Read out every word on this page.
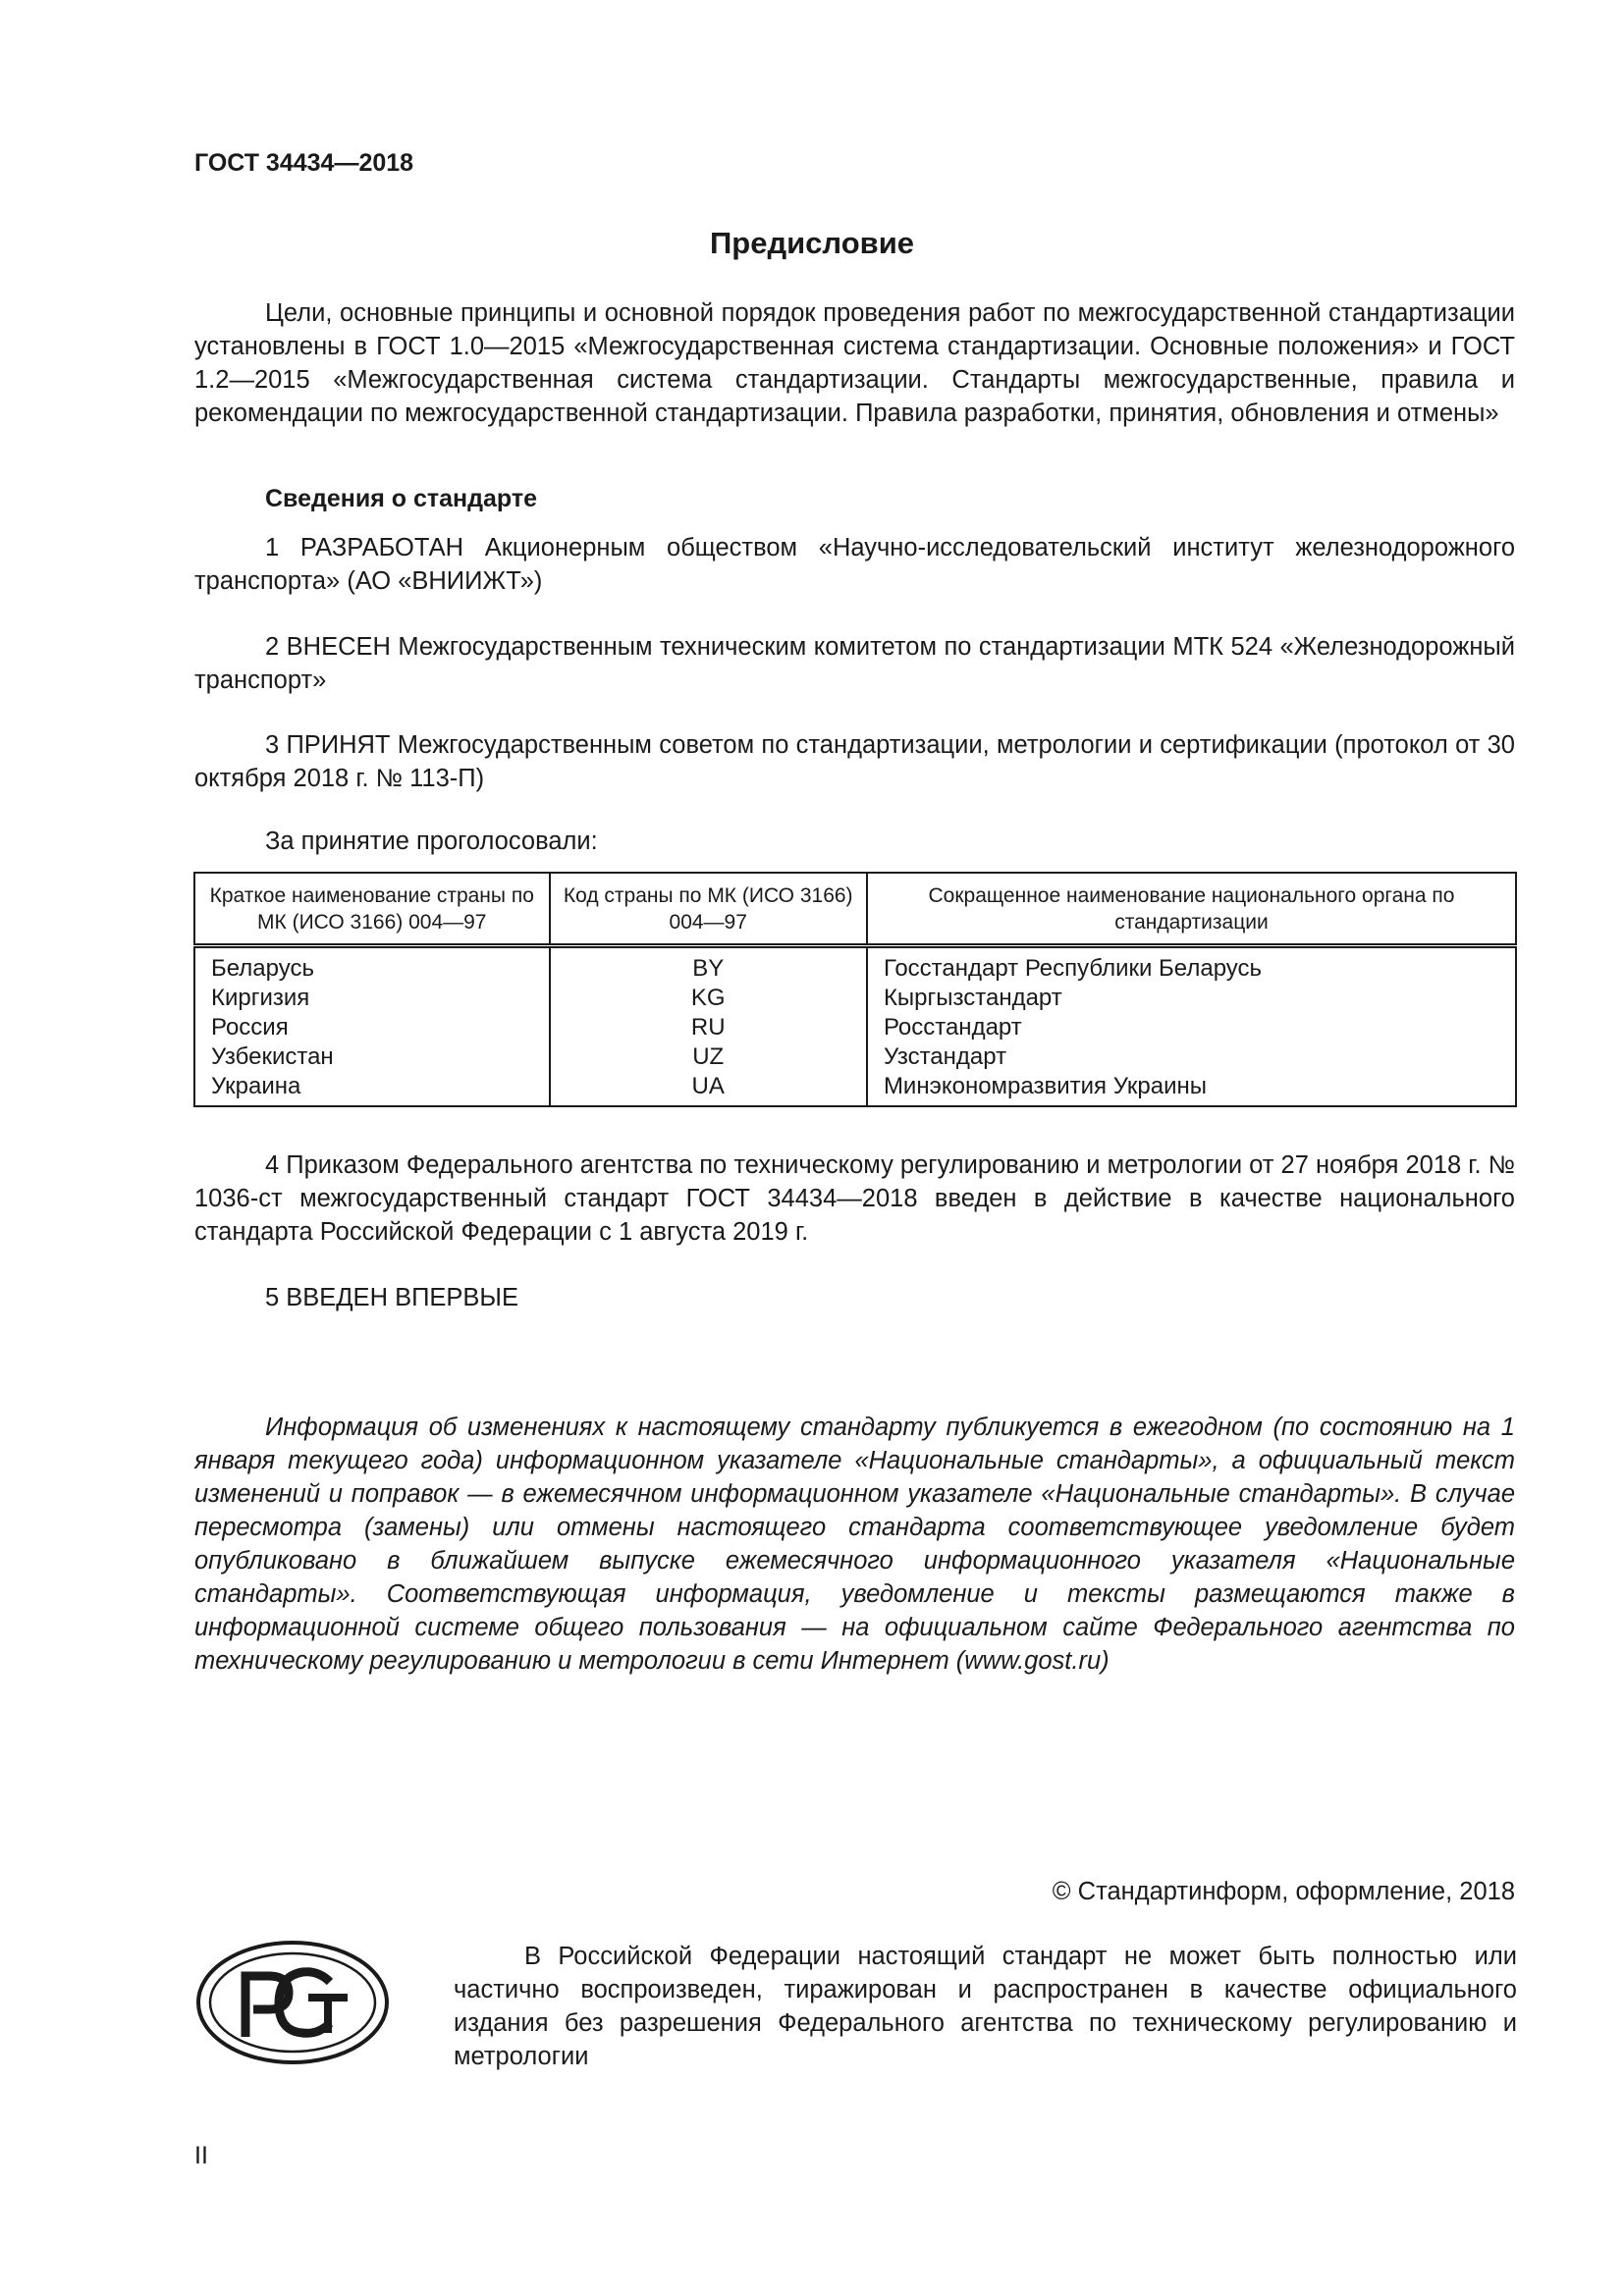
ГОСТ 34434—2018
Предисловие

Цели, основные принципы и основной порядок проведения работ по межгосударственной стандартизации установлены в ГОСТ 1.0—2015 «Межгосударственная система стандартизации. Основные положения» и ГОСТ 1.2—2015 «Межгосударственная система стандартизации. Стандарты межгосударственные, правила и рекомендации по межгосударственной стандартизации. Правила разработки, принятия, обновления и отмены»

Сведения о стандарте

1 РАЗРАБОТАН Акционерным обществом «Научно-исследовательский институт железнодорожного транспорта» (АО «ВНИИЖТ»)

2 ВНЕСЕН Межгосударственным техническим комитетом по стандартизации МТК 524 «Железнодорожный транспорт»

3 ПРИНЯТ Межгосударственным советом по стандартизации, метрологии и сертификации (протокол от 30 октября 2018 г. № 113-П)

За принятие проголосовали:
Краткое наименование страны по МК (ИСО 3166) 004—97	Код страны по МК (ИСО 3166) 004—97	Сокращенное наименование национального органа по стандартизации
Беларусь	BY	Госстандарт Республики Беларусь
Киргизия	KG	Кыргызстандарт
Россия	RU	Росстандарт
Узбекистан	UZ	Узстандарт
Украина	UA	Минэкономразвития Украины

4 Приказом Федерального агентства по техническому регулированию и метрологии от 27 ноября 2018 г. № 1036-ст межгосударственный стандарт ГОСТ 34434—2018 введен в действие в качестве национального стандарта Российской Федерации с 1 августа 2019 г.

5 ВВЕДЕН ВПЕРВЫЕ

Информация об изменениях к настоящему стандарту публикуется в ежегодном (по состоянию на 1 января текущего года) информационном указателе «Национальные стандарты», а официальный текст изменений и поправок — в ежемесячном информационном указателе «Национальные стандарты». В случае пересмотра (замены) или отмены настоящего стандарта соответствующее уведомление будет опубликовано в ближайшем выпуске ежемесячного информационного указателя «Национальные стандарты». Соответствующая информация, уведомление и тексты размещаются также в информационной системе общего пользования — на официальном сайте Федерального агентства по техническому регулированию и метрологии в сети Интернет (www.gost.ru)

© Стандартинформ, оформление, 2018

В Российской Федерации настоящий стандарт не может быть полностью или частично воспроизведен, тиражирован и распространен в качестве официального издания без разрешения Федерального агентства по техническому регулированию и метрологии

II
